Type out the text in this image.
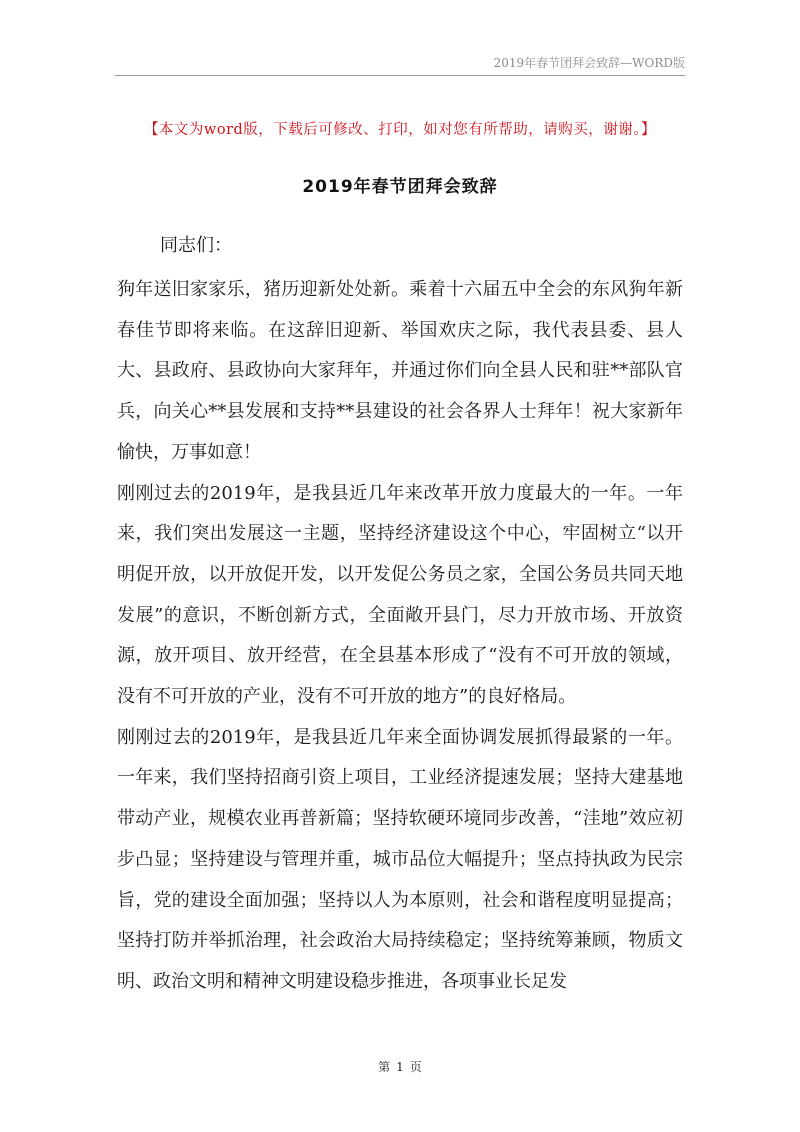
2019年春节团拜会致辞—WORD版
【本文为word版，下载后可修改、打印，如对您有所帮助，请购买，谢谢。】
2019年春节团拜会致辞
同志们：

狗年送旧家家乐，猪历迎新处处新。乘着十六届五中全会的东风狗年新春佳节即将来临。在这辞旧迎新、举国欢庆之际，我代表县委、县人大、县政府、县政协向大家拜年，并通过你们向全县人民和驻**部队官兵，向关心**县发展和支持**县建设的社会各界人士拜年！祝大家新年愉快，万事如意！

刚刚过去的2019年，是我县近几年来改革开放力度最大的一年。一年来，我们突出发展这一主题，坚持经济建设这个中心，牢固树立“以开明促开放，以开放促开发，以开发促公务员之家，全国公务员共同天地发展”的意识，不断创新方式，全面敞开县门，尽力开放市场、开放资源，放开项目、放开经营，在全县基本形成了“没有不可开放的领域，没有不可开放的产业，没有不可开放的地方”的良好格局。

刚刚过去的2019年，是我县近几年来全面协调发展抓得最紧的一年。一年来，我们坚持招商引资上项目，工业经济提速发展；坚持大建基地带动产业，规模农业再普新篇；坚持软硬环境同步改善，“洼地”效应初步凸显；坚持建设与管理并重，城市品位大幅提升；坚点持执政为民宗旨，党的建设全面加强；坚持以人为本原则，社会和谐程度明显提高；坚持打防并举抓治理，社会政治大局持续稳定；坚持统筹兼顾，物质文明、政治文明和精神文明建设稳步推进，各项事业长足发

第 1 页
